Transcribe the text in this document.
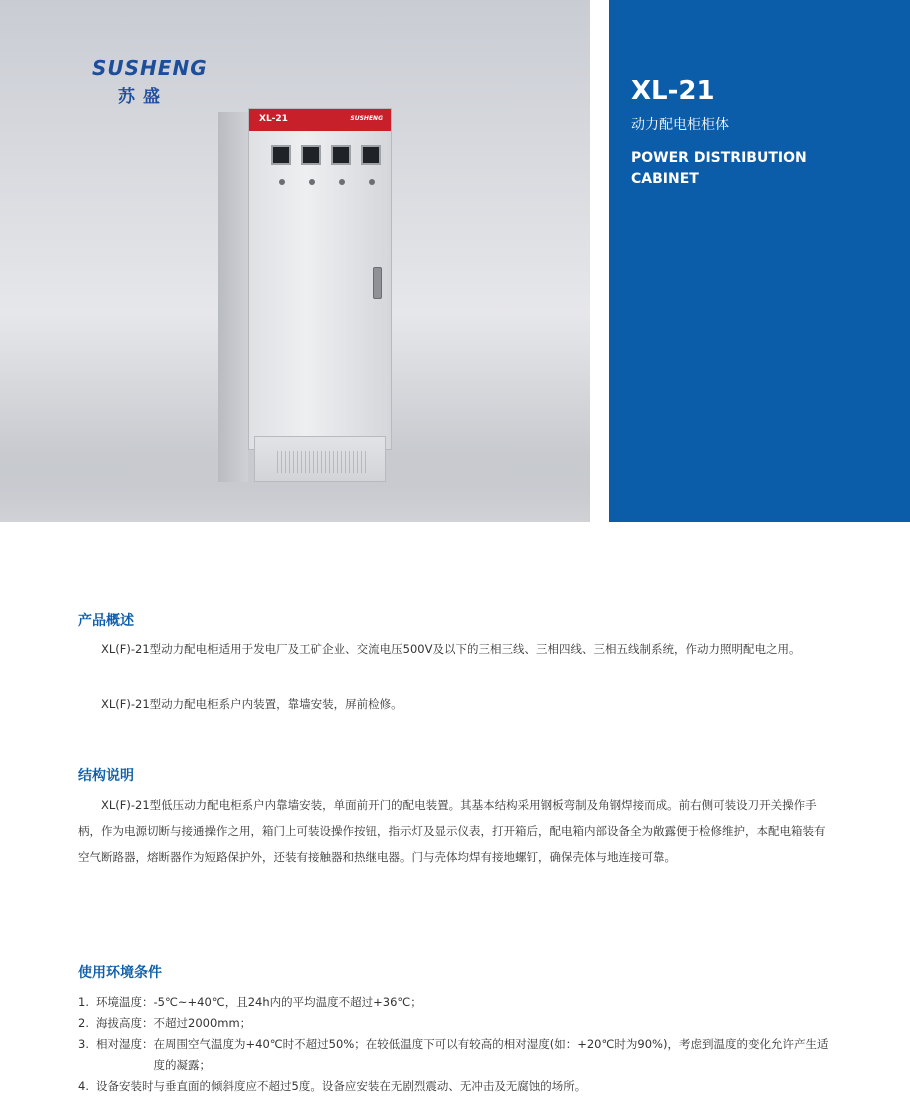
SUSHENG
苏盛
XL-21	SUSHENG
XL-21
动力配电柜柜体
POWER DISTRIBUTION
CABINET
产品概述

XL(F)-21型动力配电柜适用于发电厂及工矿企业、交流电压500V及以下的三相三线、三相四线、三相五线制系统，作动力照明配电之用。

XL(F)-21型动力配电柜系户内装置，靠墙安装，屏前检修。

结构说明

XL(F)-21型低压动力配电柜系户内靠墙安装，单面前开门的配电装置。其基本结构采用钢板弯制及角钢焊接而成。前右侧可装设刀开关操作手柄，作为电源切断与接通操作之用，箱门上可装设操作按钮，指示灯及显示仪表，打开箱后，配电箱内部设备全为敞露便于检修维护，本配电箱装有空气断路器，熔断器作为短路保护外，还装有接触器和热继电器。门与壳体均焊有接地螺钉，确保壳体与地连接可靠。

使用环境条件
1. 环境温度： -5℃~+40℃，且24h内的平均温度不超过+36℃；
2. 海拔高度： 不超过2000mm；
3. 相对湿度： 在周围空气温度为+40℃时不超过50%；在较低温度下可以有较高的相对湿度(如：+20℃时为90%)，考虑到温度的变化允许产生适度的凝露；
4. 设备安装时与垂直面的倾斜度应不超过5度。设备应安装在无剧烈震动、无冲击及无腐蚀的场所。
